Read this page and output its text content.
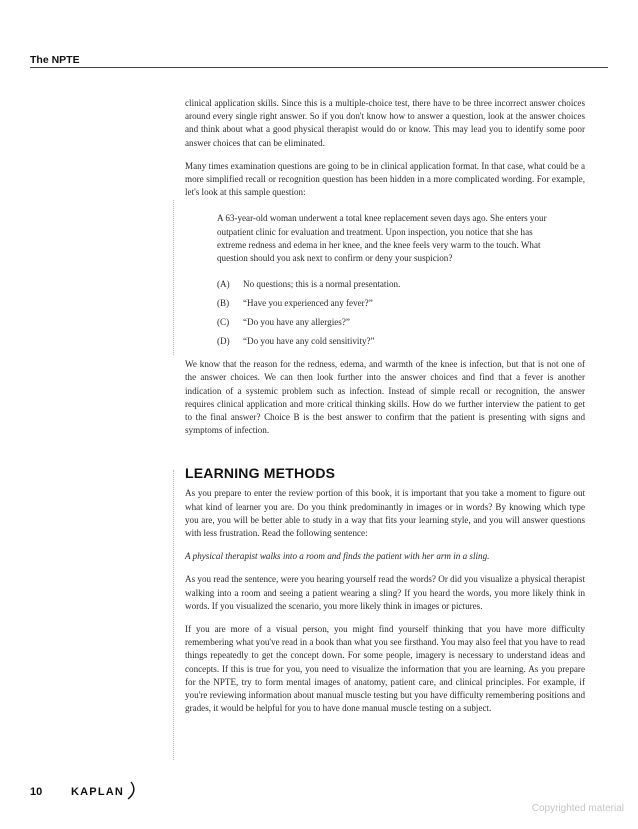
The NPTE

clinical application skills. Since this is a multiple-choice test, there have to be three incorrect answer choices around every single right answer. So if you don't know how to answer a question, look at the answer choices and think about what a good physical therapist would do or know. This may lead you to identify some poor answer choices that can be eliminated.

Many times examination questions are going to be in clinical application format. In that case, what could be a more simplified recall or recognition question has been hidden in a more complicated wording. For example, let's look at this sample question:

A 63-year-old woman underwent a total knee replacement seven days ago. She enters your outpatient clinic for evaluation and treatment. Upon inspection, you notice that she has extreme redness and edema in her knee, and the knee feels very warm to the touch. What question should you ask next to confirm or deny your suspicion?
(A) No questions; this is a normal presentation.
(B) “Have you experienced any fever?”
(C) “Do you have any allergies?”
(D) “Do you have any cold sensitivity?”

We know that the reason for the redness, edema, and warmth of the knee is infection, but that is not one of the answer choices. We can then look further into the answer choices and find that a fever is another indication of a systemic problem such as infection. Instead of simple recall or recognition, the answer requires clinical application and more critical thinking skills. How do we further interview the patient to get to the final answer? Choice B is the best answer to confirm that the patient is presenting with signs and symptoms of infection.

LEARNING METHODS

As you prepare to enter the review portion of this book, it is important that you take a moment to figure out what kind of learner you are. Do you think predominantly in images or in words? By knowing which type you are, you will be better able to study in a way that fits your learning style, and you will answer questions with less frustration. Read the following sentence:

A physical therapist walks into a room and finds the patient with her arm in a sling.

As you read the sentence, were you hearing yourself read the words? Or did you visualize a physical therapist walking into a room and seeing a patient wearing a sling? If you heard the words, you more likely think in words. If you visualized the scenario, you more likely think in images or pictures.

If you are more of a visual person, you might find yourself thinking that you have more difficulty remembering what you've read in a book than what you see firsthand. You may also feel that you have to read things repeatedly to get the concept down. For some people, imagery is necessary to understand ideas and concepts. If this is true for you, you need to visualize the information that you are learning. As you prepare for the NPTE, try to form mental images of anatomy, patient care, and clinical principles. For example, if you're reviewing information about manual muscle testing but you have difficulty remembering positions and grades, it would be helpful for you to have done manual muscle testing on a subject.

10	KAPLAN
Copyrighted material
